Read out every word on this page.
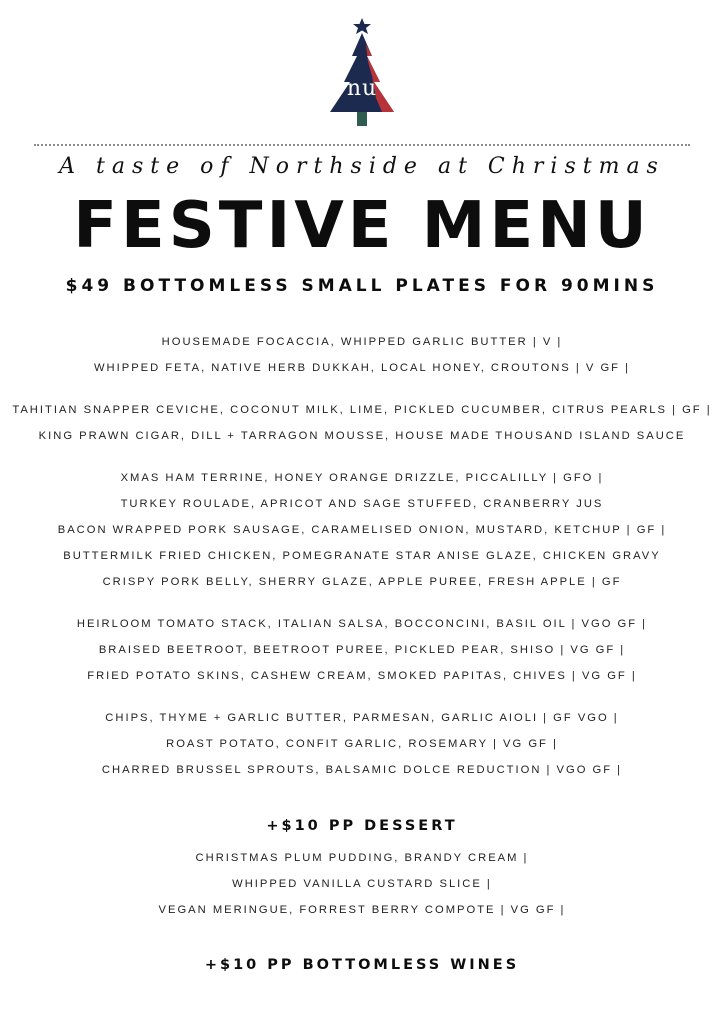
nu
A taste of Northside at Christmas
FESTIVE MENU
$49 BOTTOMLESS SMALL PLATES FOR 90MINS
HOUSEMADE FOCACCIA, WHIPPED GARLIC BUTTER | V |
WHIPPED FETA, NATIVE HERB DUKKAH, LOCAL HONEY, CROUTONS | V GF |
TAHITIAN SNAPPER CEVICHE, COCONUT MILK, LIME, PICKLED CUCUMBER, CITRUS PEARLS | GF |
KING PRAWN CIGAR, DILL + TARRAGON MOUSSE, HOUSE MADE THOUSAND ISLAND SAUCE
XMAS HAM TERRINE, HONEY ORANGE DRIZZLE, PICCALILLY | GFO |
TURKEY ROULADE, APRICOT AND SAGE STUFFED, CRANBERRY JUS
BACON WRAPPED PORK SAUSAGE, CARAMELISED ONION, MUSTARD, KETCHUP | GF |
BUTTERMILK FRIED CHICKEN, POMEGRANATE STAR ANISE GLAZE, CHICKEN GRAVY
CRISPY PORK BELLY, SHERRY GLAZE, APPLE PUREE, FRESH APPLE | GF
HEIRLOOM TOMATO STACK, ITALIAN SALSA, BOCCONCINI, BASIL OIL | VGO GF |
BRAISED BEETROOT, BEETROOT PUREE, PICKLED PEAR, SHISO | VG GF |
FRIED POTATO SKINS, CASHEW CREAM, SMOKED PAPITAS, CHIVES | VG GF |
CHIPS, THYME + GARLIC BUTTER, PARMESAN, GARLIC AIOLI | GF VGO |
ROAST POTATO, CONFIT GARLIC, ROSEMARY | VG GF |
CHARRED BRUSSEL SPROUTS, BALSAMIC DOLCE REDUCTION | VGO GF |
+$10 PP DESSERT
CHRISTMAS PLUM PUDDING, BRANDY CREAM |
WHIPPED VANILLA CUSTARD SLICE |
VEGAN MERINGUE, FORREST BERRY COMPOTE | VG GF |
+$10 PP BOTTOMLESS WINES
